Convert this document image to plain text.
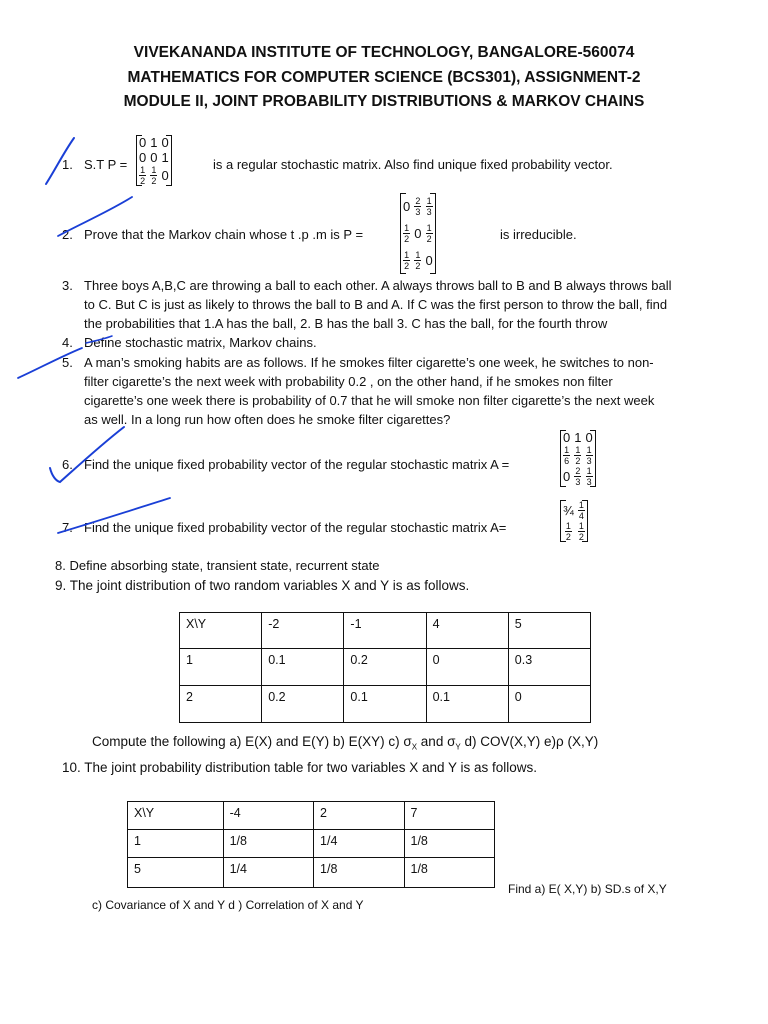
VIVEKANANDA INSTITUTE OF TECHNOLOGY, BANGALORE-560074
MATHEMATICS FOR COMPUTER SCIENCE (BCS301), ASSIGNMENT-2
MODULE II, JOINT PROBABILITY DISTRIBUTIONS & MARKOV CHAINS
1. S.T P =
0	1	0
0	0	1

$\frac{1}{2}$	$\frac{1}{2}$	0
is a regular stochastic matrix. Also find unique fixed probability vector.
2. Prove that the Markov chain whose t .p .m is P =
0	$\frac{2}{3}$	$\frac{1}{3}$

$\frac{1}{2}$	0	$\frac{1}{2}$

$\frac{1}{2}$	$\frac{1}{2}$	0
is irreducible.
3. Three boys A,B,C are throwing a ball to each other. A always throws ball to B and B always throws ball
to C. But C is just as likely to throws the ball to B and A. If C was the first person to throw the ball, find
the probabilities that 1.A has the ball, 2. B has the ball 3. C has the ball, for the fourth throw
4. Define stochastic matrix, Markov chains.
5. A man’s smoking habits are as follows. If he smokes filter cigarette’s one week, he switches to non-
filter cigarette’s the next week with probability 0.2 , on the other hand, if he smokes non filter
cigarette’s one week there is probability of 0.7 that he will smoke non filter cigarette’s the next week
as well. In a long run how often does he smoke filter cigarettes?
6. Find the unique fixed probability vector of the regular stochastic matrix A =
0	1	0

$\frac{1}{6}$	$\frac{1}{2}$	$\frac{1}{3}$

0	$\frac{2}{3}$	$\frac{1}{3}$
7. Find the unique fixed probability vector of the regular stochastic matrix A=
¾	$\frac{1}{4}$

$\frac{1}{2}$	$\frac{1}{2}$
8. Define absorbing state, transient state, recurrent state
9. The joint distribution of two random variables X and Y is as follows.
X\Y	-2	-1	4	5
1	0.1	0.2	0	0.3
2	0.2	0.1	0.1	0
Compute the following a) E(X) and E(Y) b) E(XY) c) $\sigma_X$ and $\sigma_Y$ d) COV(X,Y) e)ρ (X,Y)
10. The joint probability distribution table for two variables X and Y is as follows.
X\Y	-4	2	7
1	1/8	1/4	1/8
5	1/4	1/8	1/8
Find a) E( X,Y) b) SD.s of X,Y
c) Covariance of X and Y d ) Correlation of X and Y
